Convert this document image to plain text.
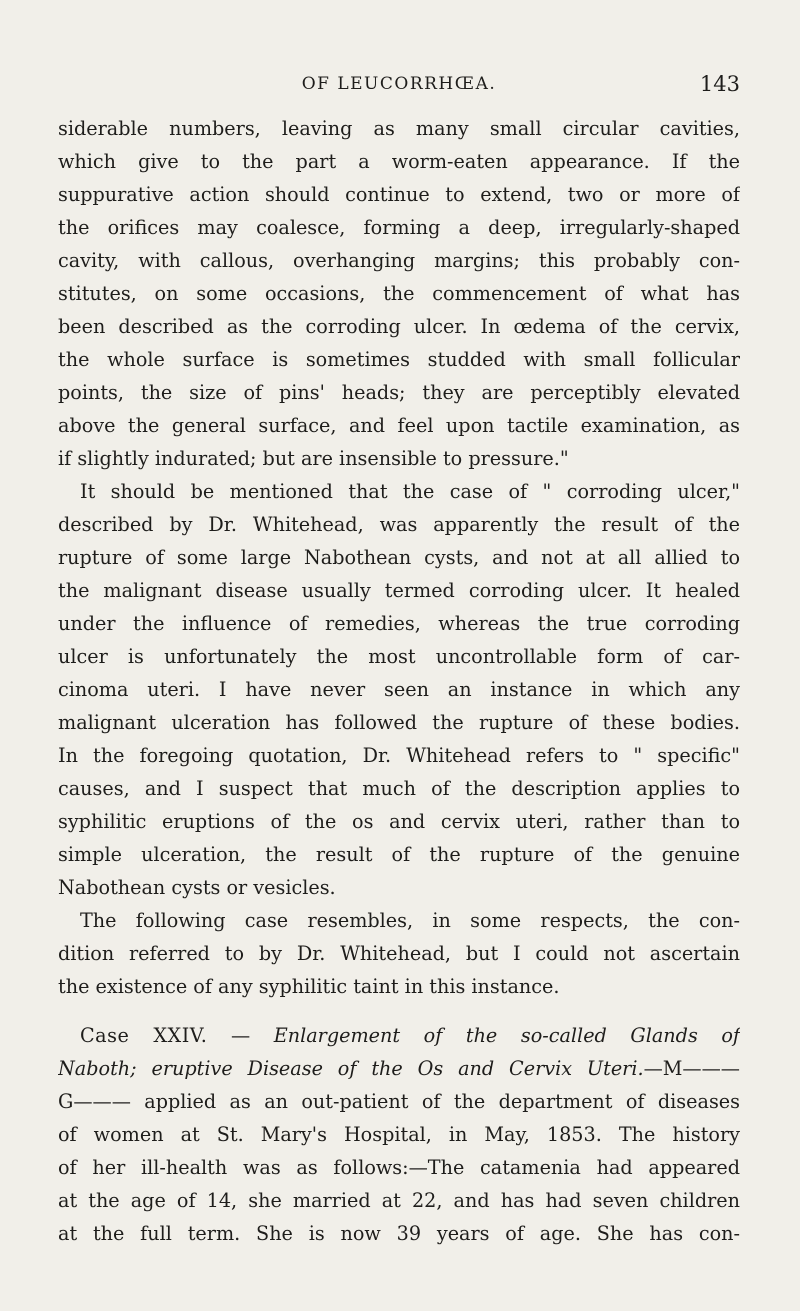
OF LEUCORRHŒA.	143
siderable numbers, leaving as many small circular cavities,
which give to the part a worm-eaten appearance. If the
suppurative action should continue to extend, two or more of
the orifices may coalesce, forming a deep, irregularly-shaped
cavity, with callous, overhanging margins; this probably con-
stitutes, on some occasions, the commencement of what has
been described as the corroding ulcer. In œdema of the cervix,
the whole surface is sometimes studded with small follicular
points, the size of pins' heads; they are perceptibly elevated
above the general surface, and feel upon tactile examination, as
if slightly indurated; but are insensible to pressure."
It should be mentioned that the case of " corroding ulcer,"
described by Dr. Whitehead, was apparently the result of the
rupture of some large Nabothean cysts, and not at all allied to
the malignant disease usually termed corroding ulcer. It healed
under the influence of remedies, whereas the true corroding
ulcer is unfortunately the most uncontrollable form of car-
cinoma uteri. I have never seen an instance in which any
malignant ulceration has followed the rupture of these bodies.
In the foregoing quotation, Dr. Whitehead refers to " specific"
causes, and I suspect that much of the description applies to
syphilitic eruptions of the os and cervix uteri, rather than to
simple ulceration, the result of the rupture of the genuine
Nabothean cysts or vesicles.
The following case resembles, in some respects, the con-
dition referred to by Dr. Whitehead, but I could not ascertain
the existence of any syphilitic taint in this instance.
Case XXIV. — Enlargement of the so-called Glands of
Naboth; eruptive Disease of the Os and Cervix Uteri.—M———
G——— applied as an out-patient of the department of diseases
of women at St. Mary's Hospital, in May, 1853. The history
of her ill-health was as follows:—The catamenia had appeared
at the age of 14, she married at 22, and has had seven children
at the full term. She is now 39 years of age. She has con-
